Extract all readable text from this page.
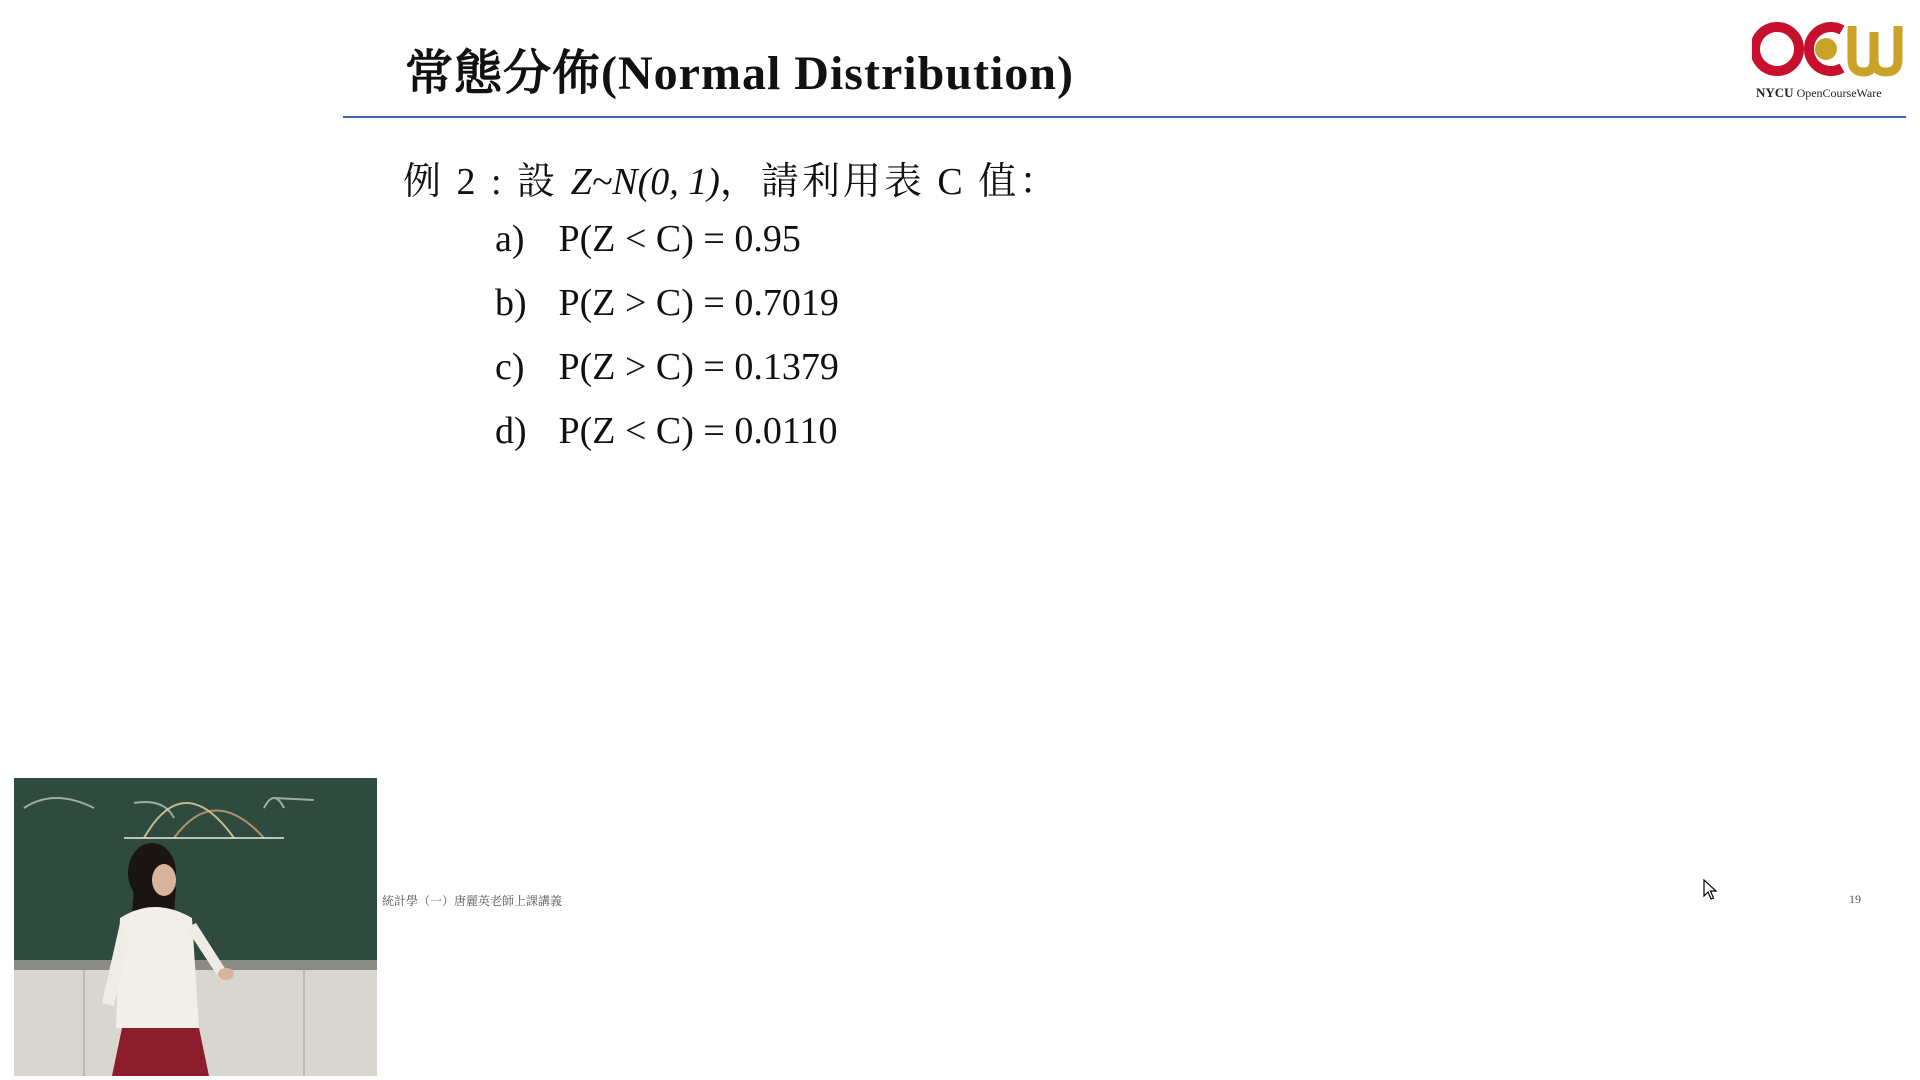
常態分佈(Normal Distribution)	NYCU OpenCourseWare
例 2 : 設 Z~N(0, 1)，請利用表 C 值：
a) P(Z < C) = 0.95
b) P(Z > C) = 0.7019
c) P(Z > C) = 0.1379
d) P(Z < C) = 0.0110
統計學（一）唐麗英老師上課講義	19
